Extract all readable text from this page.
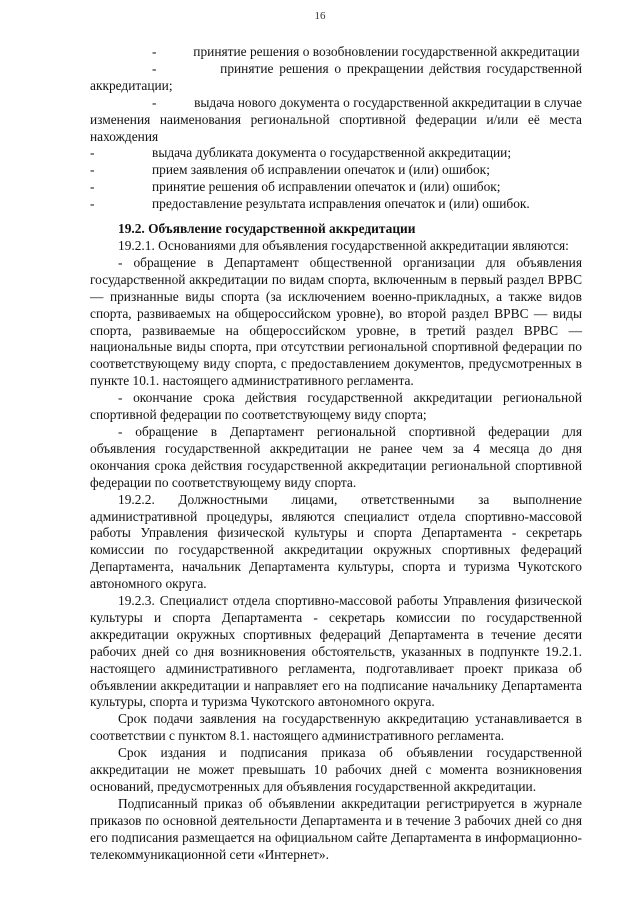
16

-	принятие решения о возобновлении государственной аккредитации

-	принятие решения о прекращении действия государственной аккредитации;

-	выдача нового документа о государственной аккредитации в случае изменения наименования региональной спортивной федерации и/или её места нахождения

-	выдача дубликата документа о государственной аккредитации;
-	прием заявления об исправлении опечаток и (или) ошибок;
-	принятие решения об исправлении опечаток и (или) ошибок;
-	предоставление результата исправления опечаток и (или) ошибок.
19.2. Объявление государственной аккредитации

19.2.1. Основаниями для объявления государственной аккредитации являются:

- обращение в Департамент общественной организации для объявления государственной аккредитации по видам спорта, включенным в первый раздел ВРВС — признанные виды спорта (за исключением военно-прикладных, а также видов спорта, развиваемых на общероссийском уровне), во второй раздел ВРВС — виды спорта, развиваемые на общероссийском уровне, в третий раздел ВРВС — национальные виды спорта, при отсутствии региональной спортивной федерации по соответствующему виду спорта, с предоставлением документов, предусмотренных в пункте 10.1. настоящего административного регламента.

- окончание срока действия государственной аккредитации региональной спортивной федерации по соответствующему виду спорта;

- обращение в Департамент региональной спортивной федерации для объявления государственной аккредитации не ранее чем за 4 месяца до дня окончания срока действия государственной аккредитации региональной спортивной федерации по соответствующему виду спорта.

19.2.2. Должностными лицами, ответственными за выполнение административной процедуры, являются специалист отдела спортивно-массовой работы Управления физической культуры и спорта Департамента - секретарь комиссии по государственной аккредитации окружных спортивных федераций Департамента, начальник Департамента культуры, спорта и туризма Чукотского автономного округа.

19.2.3. Специалист отдела спортивно-массовой работы Управления физической культуры и спорта Департамента - секретарь комиссии по государственной аккредитации окружных спортивных федераций Департамента в течение десяти рабочих дней со дня возникновения обстоятельств, указанных в подпункте 19.2.1. настоящего административного регламента, подготавливает проект приказа об объявлении аккредитации и направляет его на подписание начальнику Департамента культуры, спорта и туризма Чукотского автономного округа.

Срок подачи заявления на государственную аккредитацию устанавливается в соответствии с пунктом 8.1. настоящего административного регламента.

Срок издания и подписания приказа об объявлении государственной аккредитации не может превышать 10 рабочих дней с момента возникновения оснований, предусмотренных для объявления государственной аккредитации.

Подписанный приказ об объявлении аккредитации регистрируется в журнале приказов по основной деятельности Департамента и в течение 3 рабочих дней со дня его подписания размещается на официальном сайте Департамента в информационно-телекоммуникационной сети «Интернет».
